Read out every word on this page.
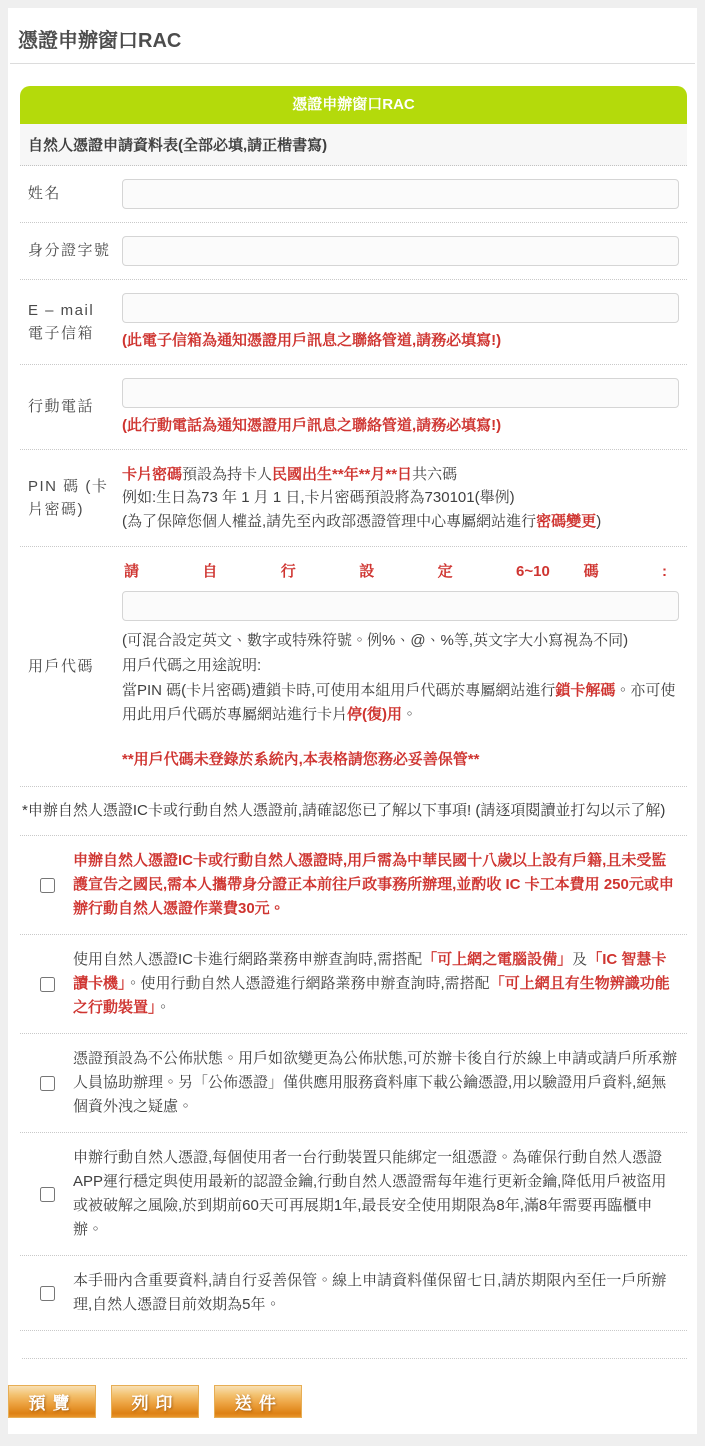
憑證申辦窗口RAC
憑證申辦窗口RAC
自然人憑證申請資料表(全部必填,請正楷書寫)
姓名
身分證字號
E – mail 電子信箱	(此電子信箱為通知憑證用戶訊息之聯絡管道,請務必填寫!)
行動電話
(此行動電話為通知憑證用戶訊息之聯絡管道,請務必填寫!)
PIN 碼 (卡片密碼)
卡片密碼預設為持卡人民國出生**年**月**日共六碼
例如:生日為73 年 1 月 1 日,卡片密碼預設將為730101(舉例)
(為了保障您個人權益,請先至內政部憑證管理中心專屬網站進行密碼變更)
用戶代碼
請 自 行 設 定 6~10 碼 :
(可混合設定英文、數字或特殊符號。例%、@、%等,英文字大小寫視為不同)
用戶代碼之用途說明:
當PIN 碼(卡片密碼)遭鎖卡時,可使用本組用戶代碼於專屬網站進行鎖卡解碼。亦可使用此用戶代碼於專屬網站進行卡片停(復)用。
**用戶代碼未登錄於系統內,本表格請您務必妥善保管**
*申辦自然人憑證IC卡或行動自然人憑證前,請確認您已了解以下事項! (請逐項閱讀並打勾以示了解)
申辦自然人憑證IC卡或行動自然人憑證時,用戶需為中華民國十八歲以上設有戶籍,且未受監護宣告之國民,需本人攜帶身分證正本前往戶政事務所辦理,並酌收 IC 卡工本費用 250元或申辦行動自然人憑證作業費30元。
使用自然人憑證IC卡進行網路業務申辦查詢時,需搭配「可上網之電腦設備」及「IC 智慧卡讀卡機」。使用行動自然人憑證進行網路業務申辦查詢時,需搭配「可上網且有生物辨識功能之行動裝置」。
憑證預設為不公佈狀態。用戶如欲變更為公佈狀態,可於辦卡後自行於線上申請或請戶所承辦人員協助辦理。另「公佈憑證」僅供應用服務資料庫下載公鑰憑證,用以驗證用戶資料,絕無個資外洩之疑慮。
申辦行動自然人憑證,每個使用者一台行動裝置只能綁定一組憑證。為確保行動自然人憑證APP運行穩定與使用最新的認證金鑰,行動自然人憑證需每年進行更新金鑰,降低用戶被盜用或被破解之風險,於到期前60天可再展期1年,最長安全使用期限為8年,滿8年需要再臨櫃申辦。
本手冊內含重要資料,請自行妥善保管。線上申請資料僅保留七日,請於期限內至任一戶所辦理,自然人憑證目前效期為5年。
預覽	列印	送件
